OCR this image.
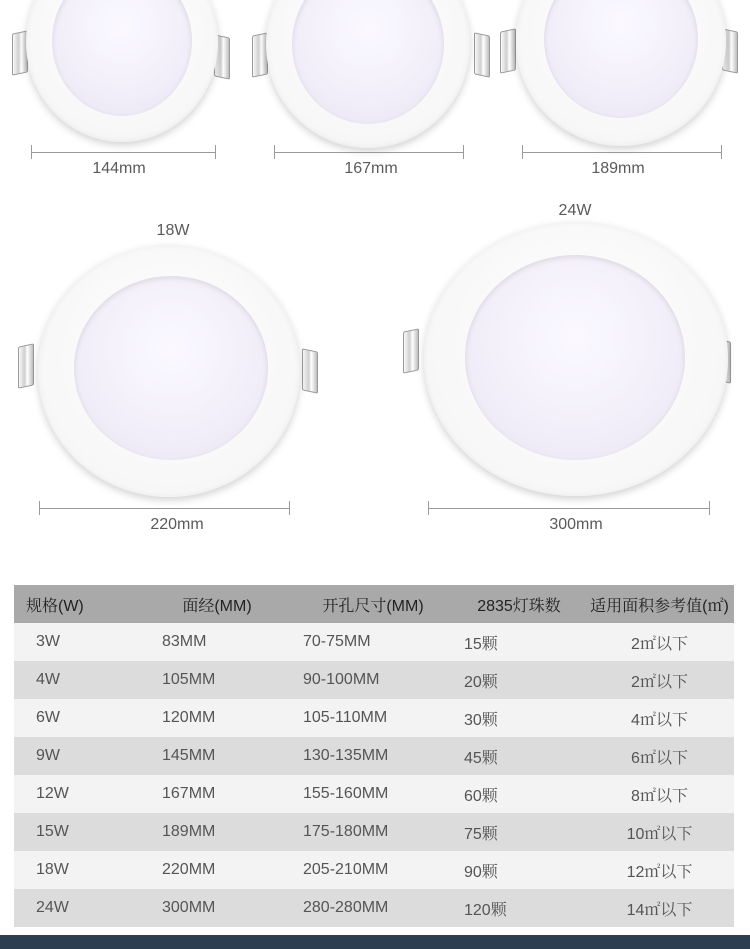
144mm	167mm	189mm
18W
220mm
24W
300mm
规格(W)	面经(MM)	开孔尺寸(MM)	2835灯珠数	适用面积参考值(㎡)
3W	83MM	70-75MM	15颗	2㎡以下
4W	105MM	90-100MM	20颗	2㎡以下
6W	120MM	105-110MM	30颗	4㎡以下
9W	145MM	130-135MM	45颗	6㎡以下
12W	167MM	155-160MM	60颗	8㎡以下
15W	189MM	175-180MM	75颗	10㎡以下
18W	220MM	205-210MM	90颗	12㎡以下
24W	300MM	280-280MM	120颗	14㎡以下
